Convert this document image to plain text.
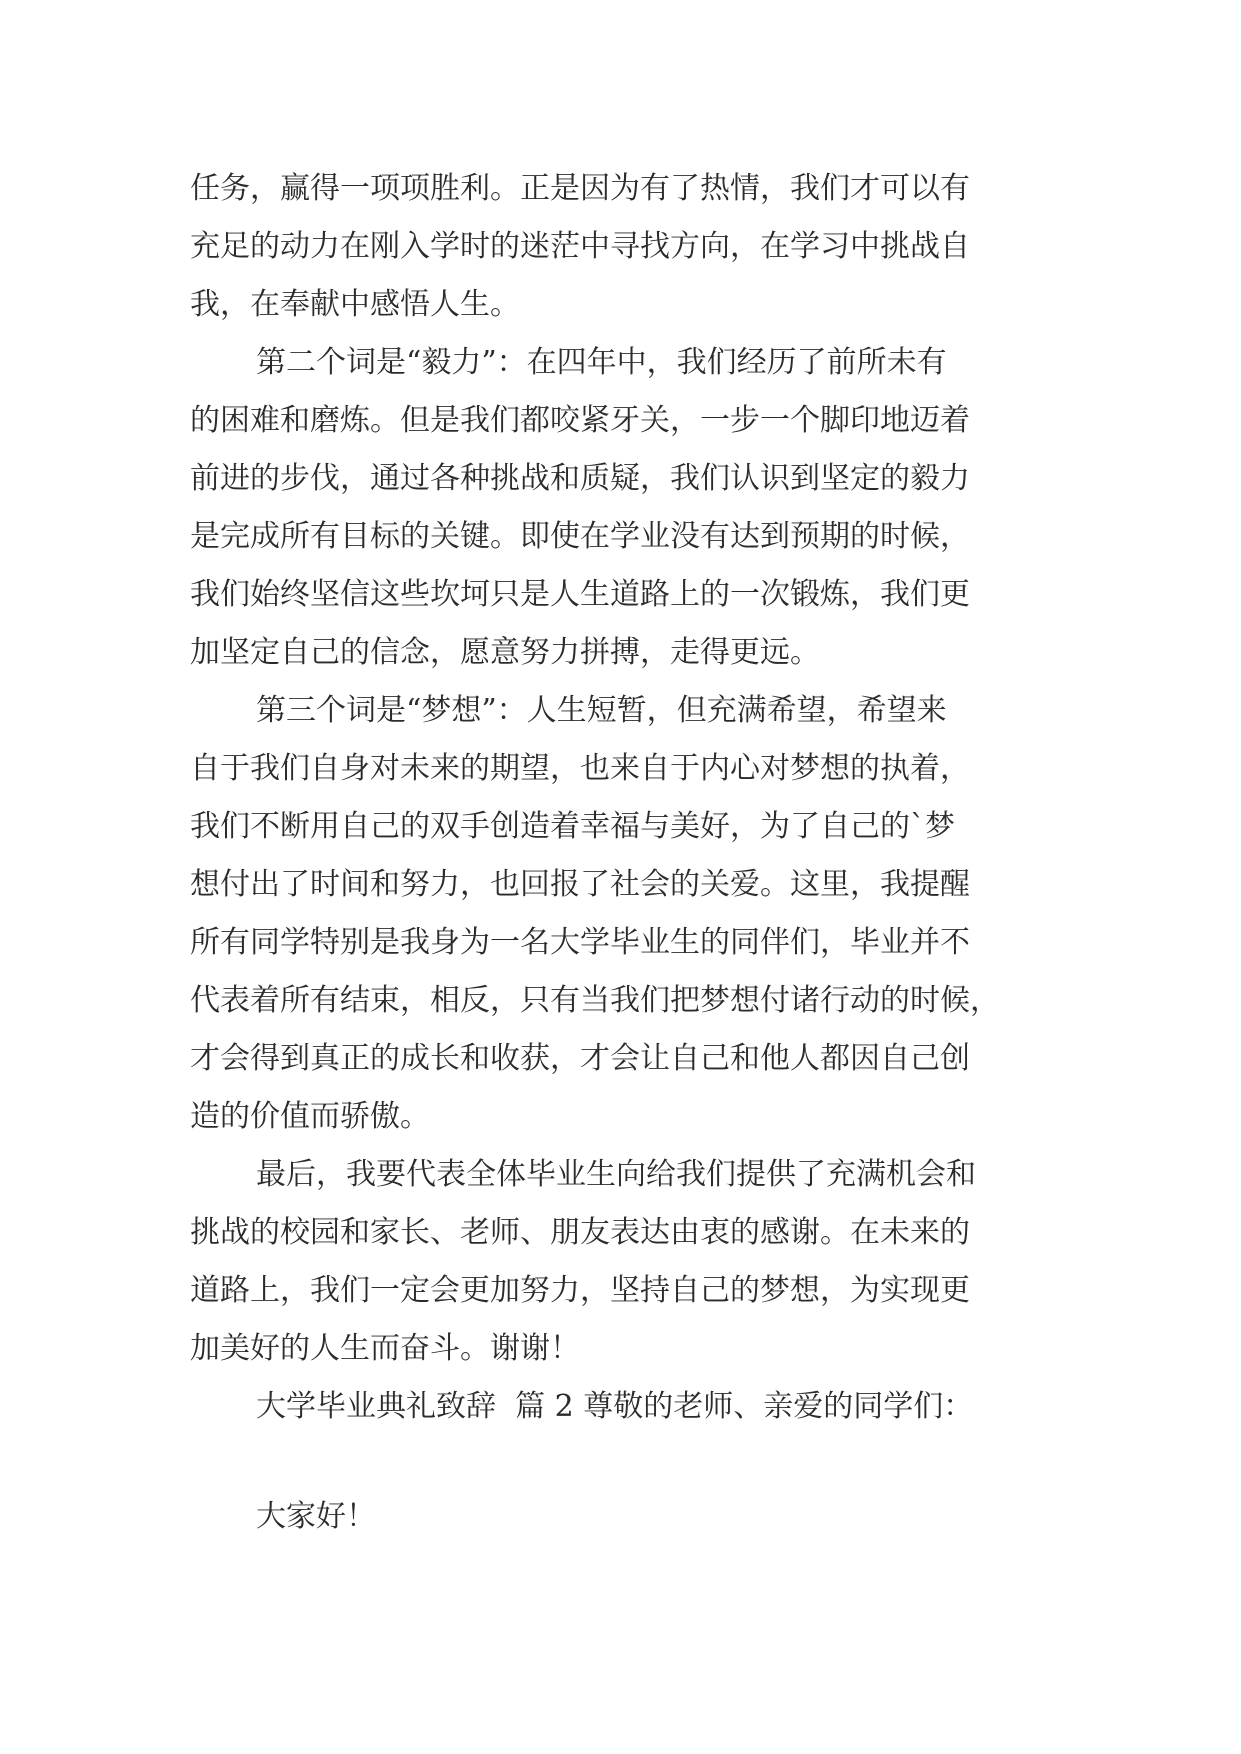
任务，赢得一项项胜利。正是因为有了热情，我们才可以有
充足的动力在刚入学时的迷茫中寻找方向，在学习中挑战自
我，在奉献中感悟人生。
第二个词是“毅力”：在四年中，我们经历了前所未有
的困难和磨炼。但是我们都咬紧牙关，一步一个脚印地迈着
前进的步伐，通过各种挑战和质疑，我们认识到坚定的毅力
是完成所有目标的关键。即使在学业没有达到预期的时候，
我们始终坚信这些坎坷只是人生道路上的一次锻炼，我们更
加坚定自己的信念，愿意努力拼搏，走得更远。
第三个词是“梦想”：人生短暂，但充满希望，希望来
自于我们自身对未来的期望，也来自于内心对梦想的执着，
我们不断用自己的双手创造着幸福与美好，为了自己的`梦
想付出了时间和努力，也回报了社会的关爱。这里，我提醒
所有同学特别是我身为一名大学毕业生的同伴们，毕业并不
代表着所有结束，相反，只有当我们把梦想付诸行动的时候，
才会得到真正的成长和收获，才会让自己和他人都因自己创
造的价值而骄傲。
最后，我要代表全体毕业生向给我们提供了充满机会和
挑战的校园和家长、老师、朋友表达由衷的感谢。在未来的
道路上，我们一定会更加努力，坚持自己的梦想，为实现更
加美好的人生而奋斗。谢谢！
大学毕业典礼致辞  篇 2 尊敬的老师、亲爱的同学们：
大家好！
